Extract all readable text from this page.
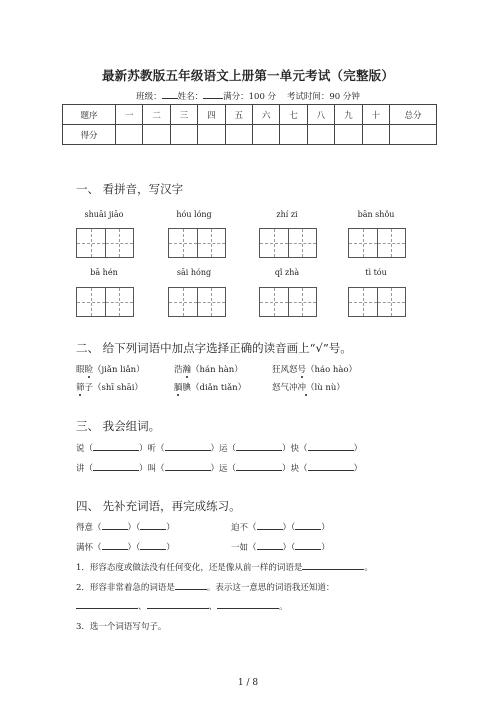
最新苏教版五年级语文上册第一单元考试（完整版）
班级： 姓名： 满分：100 分 考试时间：90 分钟
题序	一	二	三	四	五	六	七	八	九	十	总分
得分											
一、 看拼音，写汉字
shuāi jiāo	hóu lóng	zhí zi	bān shǒu
bā hén	sāi hóng	qǐ zhà	tì tóu
二、 给下列词语中加点字选择正确的读音画上“√”号。
眼睑（jiǎn liǎn）	浩瀚（hán hàn）	狂风怒号（háo hào）
筛子（shī shāi）	腼腆（diǎn tiǎn）	怒气冲冲（lù nù）
三、 我会组词。
说（	）听（	）运（	）快（	）
讲（	）叫（	）远（	）块（	）
四、 先补充词语，再完成练习。
得意（	）（	）	迫不（	）（	）
满怀（	）（	）	一如（	）（	）
1．形容态度或做法没有任何变化，还是像从前一样的词语是	。
2．形容非常着急的词语是	。表示这一意思的词语我还知道：
、	、	。
3．选一个词语写句子。
1 / 8
